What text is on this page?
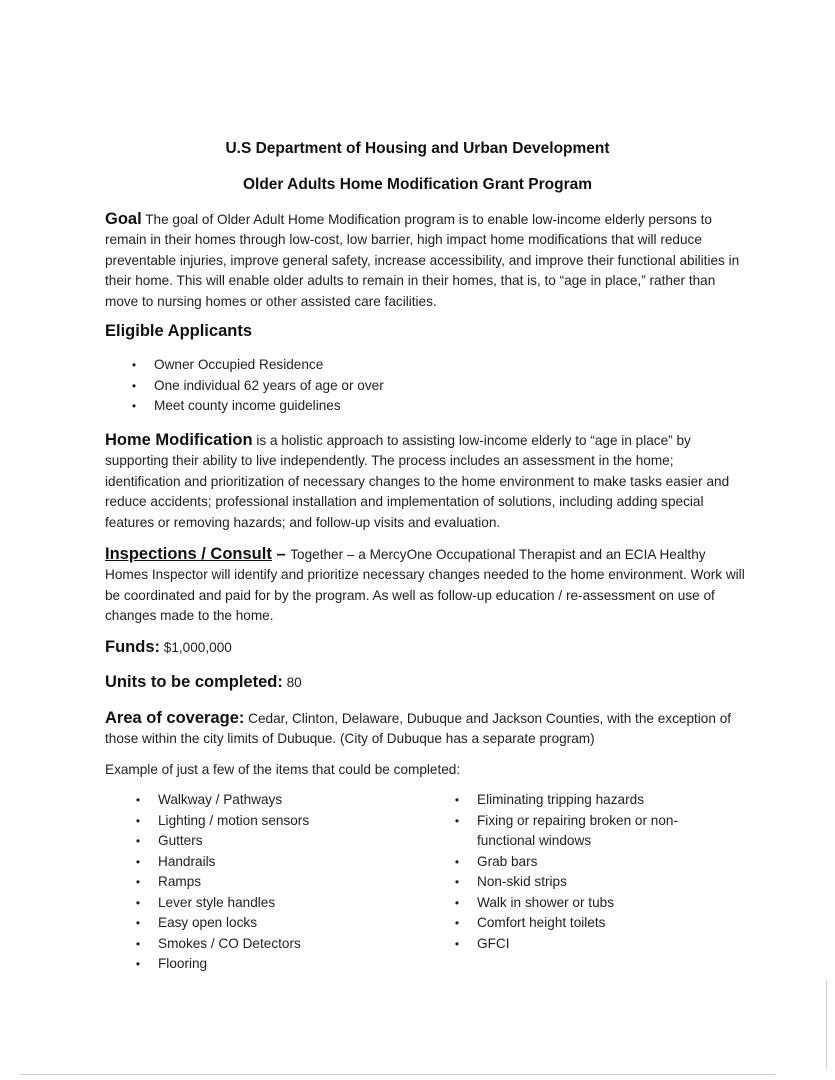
U.S Department of Housing and Urban Development
Older Adults Home Modification Grant Program
Goal The goal of Older Adult Home Modification program is to enable low-income elderly persons to remain in their homes through low-cost, low barrier, high impact home modifications that will reduce preventable injuries, improve general safety, increase accessibility, and improve their functional abilities in their home. This will enable older adults to remain in their homes, that is, to “age in place,” rather than move to nursing homes or other assisted care facilities.
Eligible Applicants
• Owner Occupied Residence
• One individual 62 years of age or over
• Meet county income guidelines
Home Modification is a holistic approach to assisting low-income elderly to “age in place” by supporting their ability to live independently. The process includes an assessment in the home; identification and prioritization of necessary changes to the home environment to make tasks easier and reduce accidents; professional installation and implementation of solutions, including adding special features or removing hazards; and follow-up visits and evaluation.
Inspections / Consult – Together – a MercyOne Occupational Therapist and an ECIA Healthy Homes Inspector will identify and prioritize necessary changes needed to the home environment. Work will be coordinated and paid for by the program. As well as follow-up education / re-assessment on use of changes made to the home.
Funds: $1,000,000
Units to be completed: 80
Area of coverage: Cedar, Clinton, Delaware, Dubuque and Jackson Counties, with the exception of those within the city limits of Dubuque. (City of Dubuque has a separate program)
Example of just a few of the items that could be completed:
• Walkway / Pathways
• Lighting / motion sensors
• Gutters
• Handrails
• Ramps
• Lever style handles
• Easy open locks
• Smokes / CO Detectors
• Flooring
• Eliminating tripping hazards
• Fixing or repairing broken or non-functional windows
• Grab bars
• Non-skid strips
• Walk in shower or tubs
• Comfort height toilets
• GFCI
